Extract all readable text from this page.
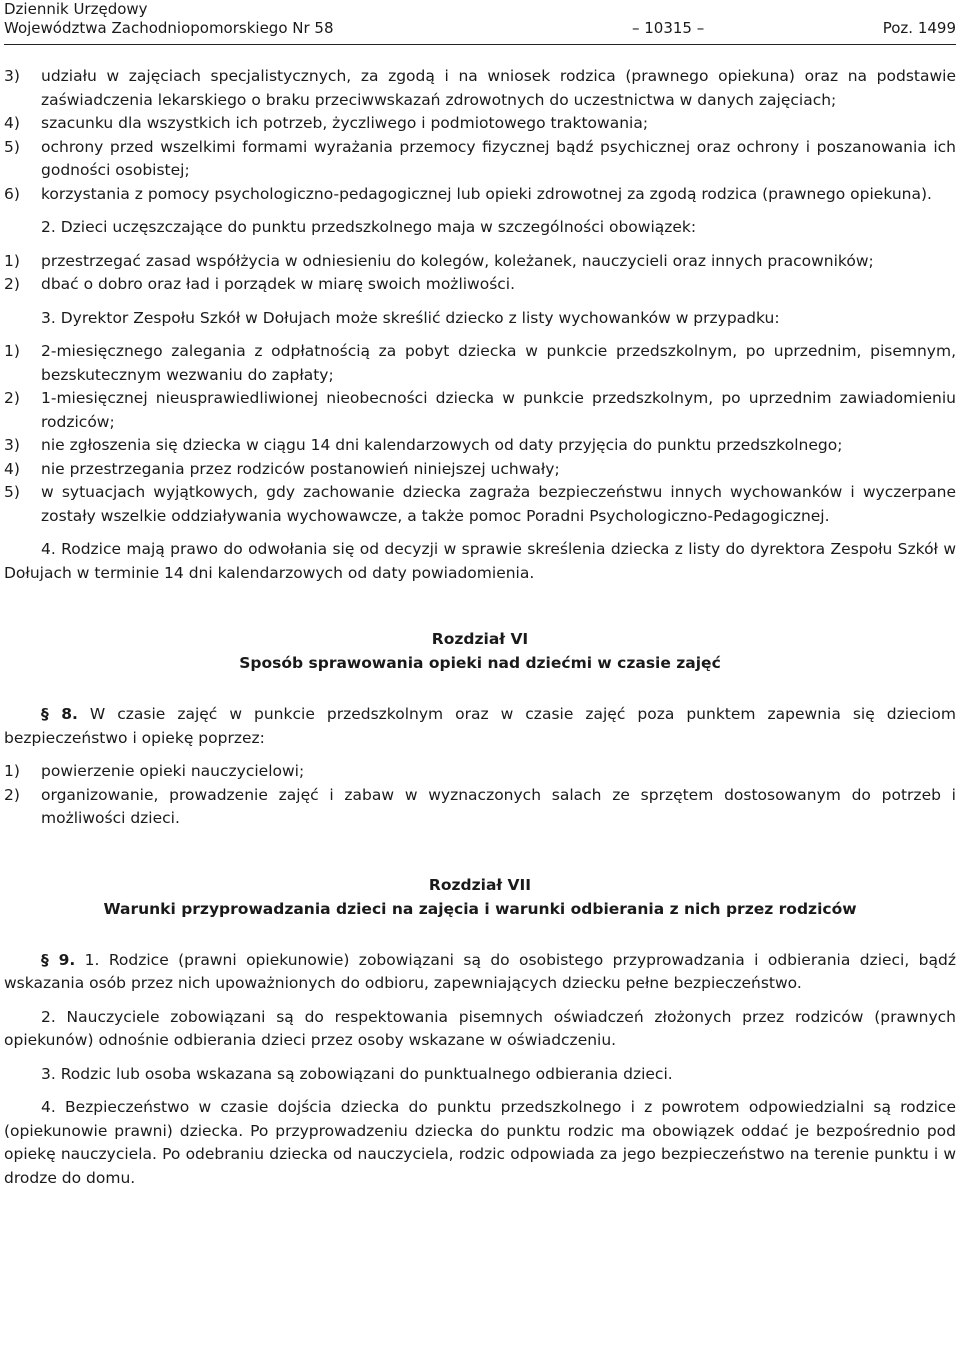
Dziennik Urzędowy
Województwa Zachodniopomorskiego Nr 58	– 10315 –	Poz. 1499
3)	udziału w zajęciach specjalistycznych, za zgodą i na wniosek rodzica (prawnego opiekuna) oraz na podstawie zaświadczenia lekarskiego o braku przeciwwskazań zdrowotnych do uczestnictwa w danych zajęciach;
4)	szacunku dla wszystkich ich potrzeb, życzliwego i podmiotowego traktowania;
5)	ochrony przed wszelkimi formami wyrażania przemocy fizycznej bądź psychicznej oraz ochrony i poszanowania ich godności osobistej;
6)	korzystania z pomocy psychologiczno-pedagogicznej lub opieki zdrowotnej za zgodą rodzica (prawnego opiekuna).
2. Dzieci uczęszczające do punktu przedszkolnego maja w szczególności obowiązek:
1)	przestrzegać zasad współżycia w odniesieniu do kolegów, koleżanek, nauczycieli oraz innych pracowników;
2)	dbać o dobro oraz ład i porządek w miarę swoich możliwości.
3. Dyrektor Zespołu Szkół w Dołujach może skreślić dziecko z listy wychowanków w przypadku:
1)	2-miesięcznego zalegania z odpłatnością za pobyt dziecka w punkcie przedszkolnym, po uprzednim, pisemnym, bezskutecznym wezwaniu do zapłaty;
2)	1-miesięcznej nieusprawiedliwionej nieobecności dziecka w punkcie przedszkolnym, po uprzednim zawiadomieniu rodziców;
3)	nie zgłoszenia się dziecka w ciągu 14 dni kalendarzowych od daty przyjęcia do punktu przedszkolnego;
4)	nie przestrzegania przez rodziców postanowień niniejszej uchwały;
5)	w sytuacjach wyjątkowych, gdy zachowanie dziecka zagraża bezpieczeństwu innych wychowanków i wyczerpane zostały wszelkie oddziaływania wychowawcze, a także pomoc Poradni Psychologiczno-Pedagogicznej.
4. Rodzice mają prawo do odwołania się od decyzji w sprawie skreślenia dziecka z listy do dyrektora Zespołu Szkół w Dołujach w terminie 14 dni kalendarzowych od daty powiadomienia.
Rozdział VI
Sposób sprawowania opieki nad dziećmi w czasie zajęć
§ 8. W czasie zajęć w punkcie przedszkolnym oraz w czasie zajęć poza punktem zapewnia się dzieciom bezpieczeństwo i opiekę poprzez:
1)	powierzenie opieki nauczycielowi;
2)	organizowanie, prowadzenie zajęć i zabaw w wyznaczonych salach ze sprzętem dostosowanym do potrzeb i możliwości dzieci.
Rozdział VII
Warunki przyprowadzania dzieci na zajęcia i warunki odbierania z nich przez rodziców
§ 9. 1. Rodzice (prawni opiekunowie) zobowiązani są do osobistego przyprowadzania i odbierania dzieci, bądź wskazania osób przez nich upoważnionych do odbioru, zapewniających dziecku pełne bezpieczeństwo.
2. Nauczyciele zobowiązani są do respektowania pisemnych oświadczeń złożonych przez rodziców (prawnych opiekunów) odnośnie odbierania dzieci przez osoby wskazane w oświadczeniu.
3. Rodzic lub osoba wskazana są zobowiązani do punktualnego odbierania dzieci.
4. Bezpieczeństwo w czasie dojścia dziecka do punktu przedszkolnego i z powrotem odpowiedzialni są rodzice (opiekunowie prawni) dziecka. Po przyprowadzeniu dziecka do punktu rodzic ma obowiązek oddać je bezpośrednio pod opiekę nauczyciela. Po odebraniu dziecka od nauczyciela, rodzic odpowiada za jego bezpieczeństwo na terenie punktu i w drodze do domu.
